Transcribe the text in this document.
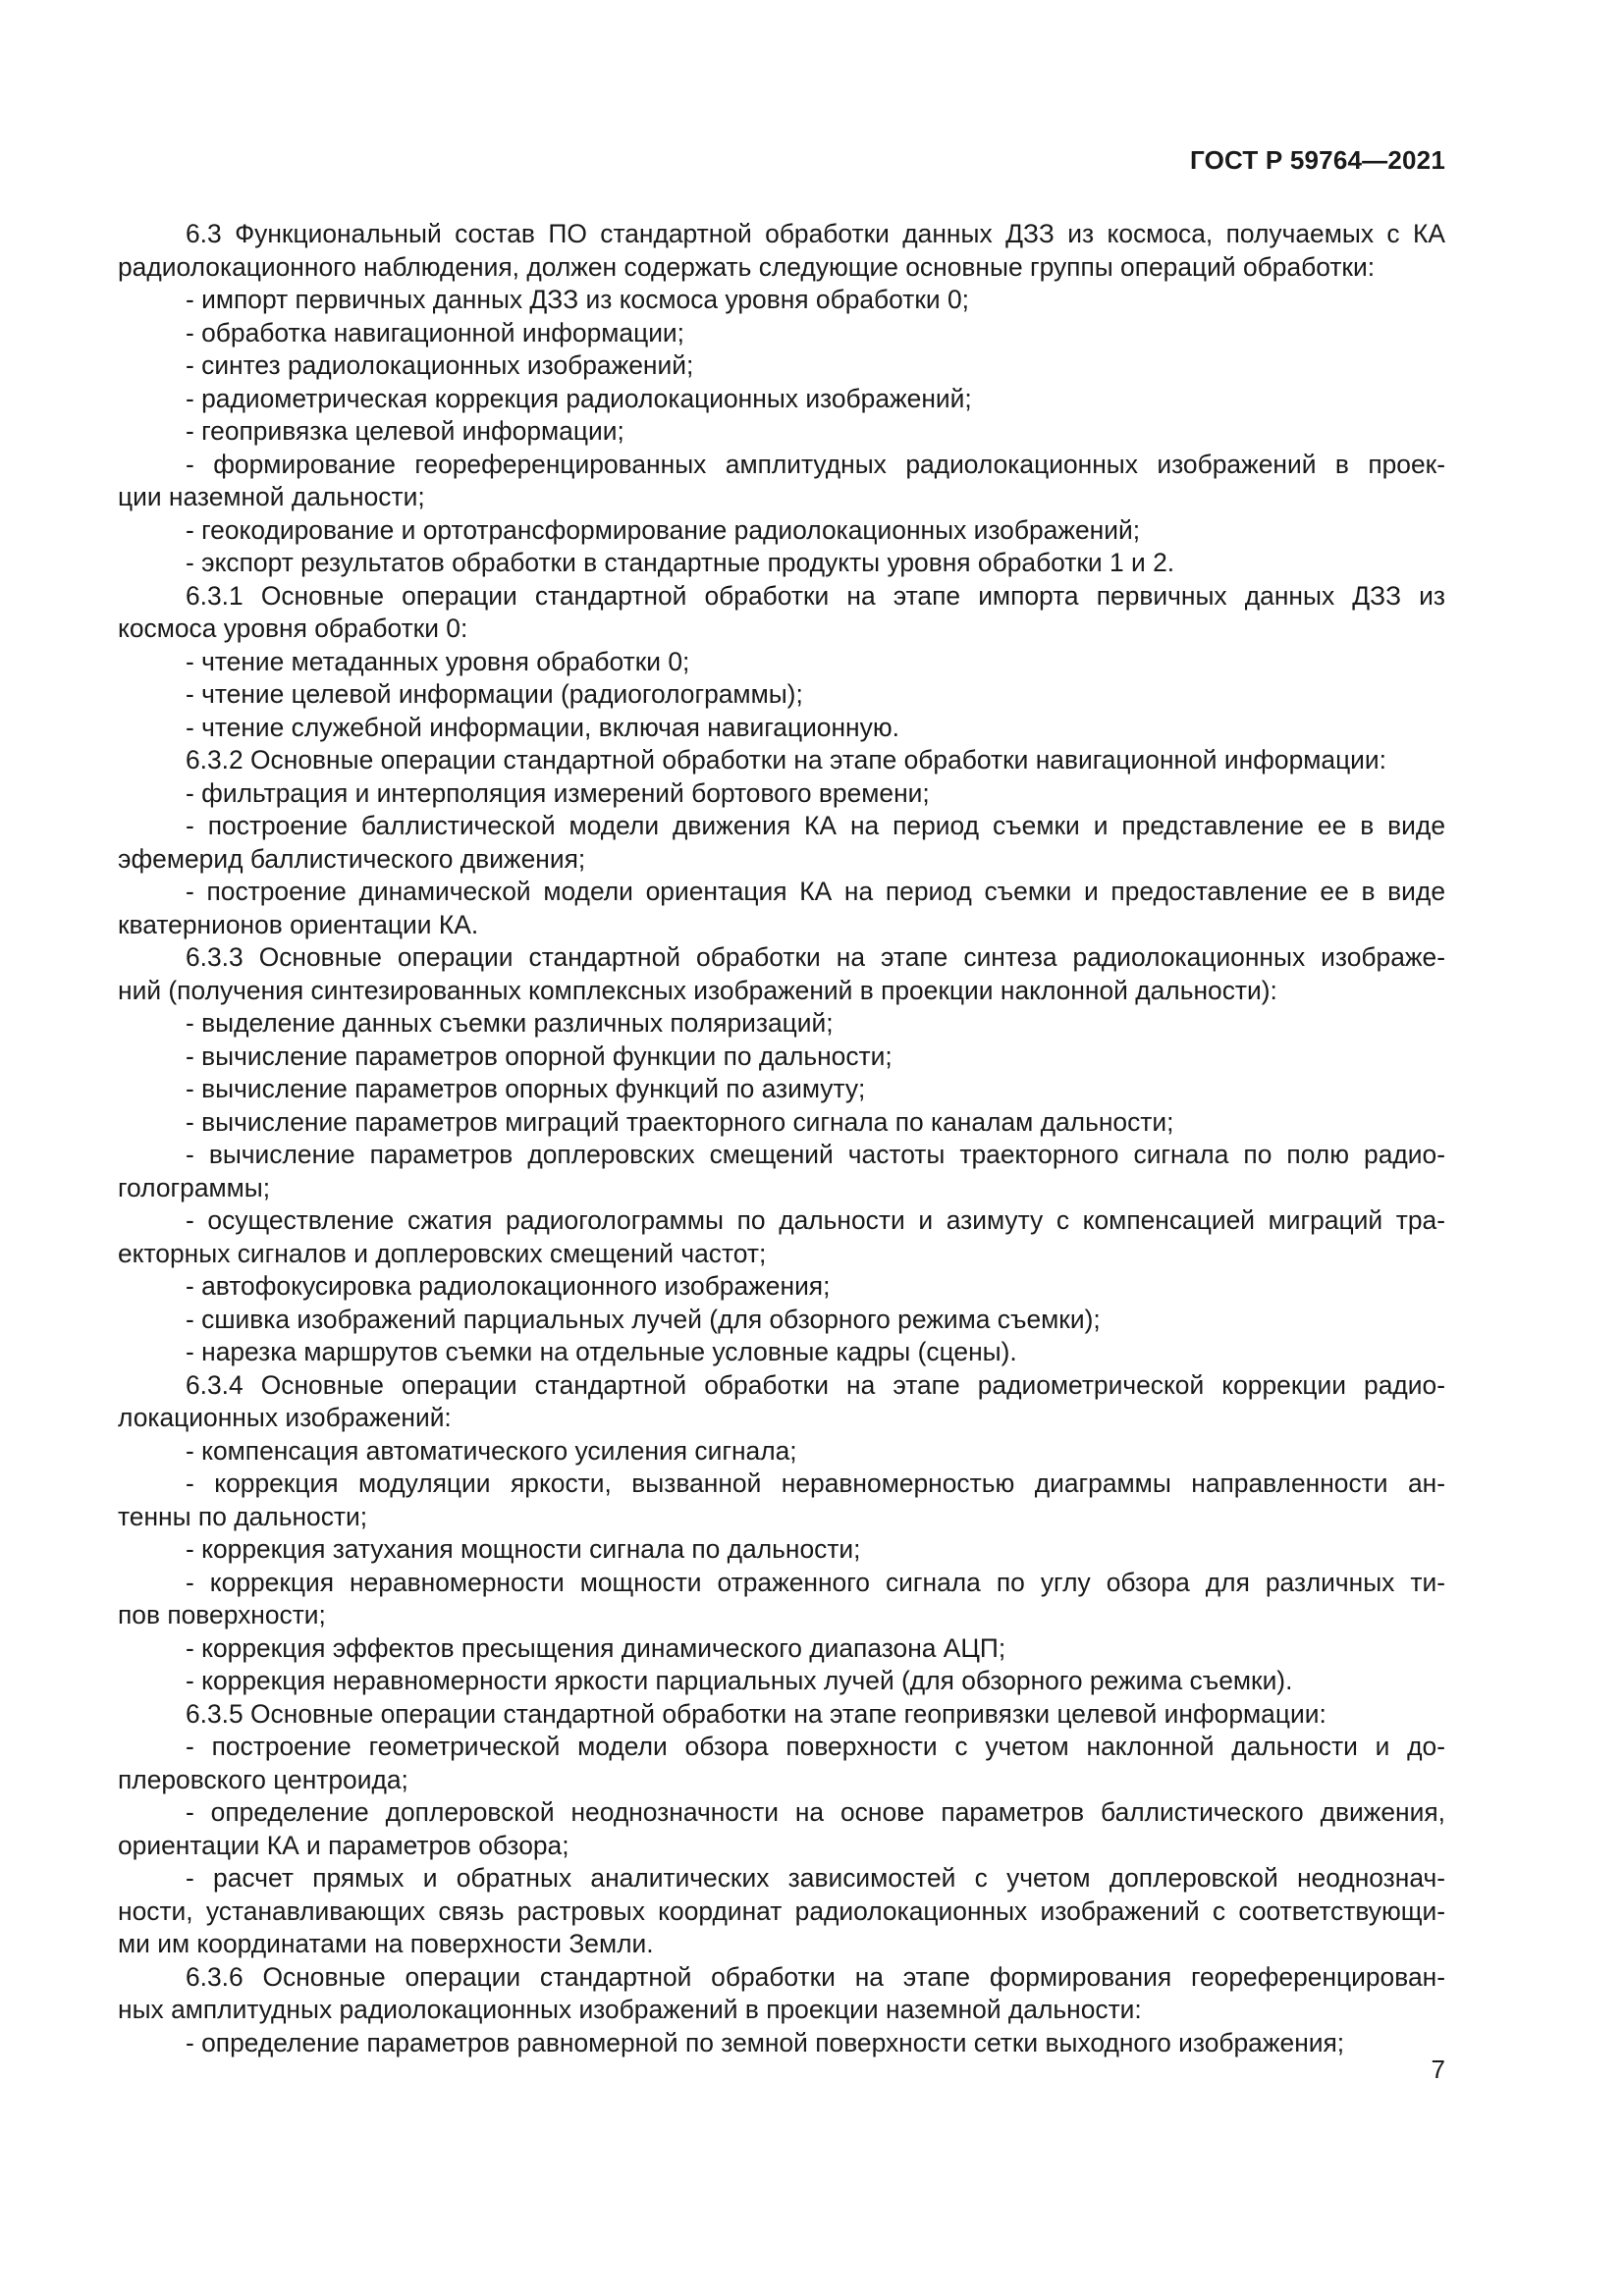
ГОСТ Р 59764—2021
6.3 Функциональный состав ПО стандартной обработки данных ДЗЗ из космоса, получаемых с КА
радиолокационного наблюдения, должен содержать следующие основные группы операций обработки:
- импорт первичных данных ДЗЗ из космоса уровня обработки 0;
- обработка навигационной информации;
- синтез радиолокационных изображений;
- радиометрическая коррекция радиолокационных изображений;
- геопривязка целевой информации;
- формирование геореференцированных амплитудных радиолокационных изображений в проек-
ции наземной дальности;
- геокодирование и ортотрансформирование радиолокационных изображений;
- экспорт результатов обработки в стандартные продукты уровня обработки 1 и 2.
6.3.1 Основные операции стандартной обработки на этапе импорта первичных данных ДЗЗ из
космоса уровня обработки 0:
- чтение метаданных уровня обработки 0;
- чтение целевой информации (радиоголограммы);
- чтение служебной информации, включая навигационную.
6.3.2 Основные операции стандартной обработки на этапе обработки навигационной информации:
- фильтрация и интерполяция измерений бортового времени;
- построение баллистической модели движения КА на период съемки и представление ее в виде
эфемерид баллистического движения;
- построение динамической модели ориентация КА на период съемки и предоставление ее в виде
кватернионов ориентации КА.
6.3.3 Основные операции стандартной обработки на этапе синтеза радиолокационных изображе-
ний (получения синтезированных комплексных изображений в проекции наклонной дальности):
- выделение данных съемки различных поляризаций;
- вычисление параметров опорной функции по дальности;
- вычисление параметров опорных функций по азимуту;
- вычисление параметров миграций траекторного сигнала по каналам дальности;
- вычисление параметров доплеровских смещений частоты траекторного сигнала по полю радио-
голограммы;
- осуществление сжатия радиоголограммы по дальности и азимуту с компенсацией миграций тра-
екторных сигналов и доплеровских смещений частот;
- автофокусировка радиолокационного изображения;
- сшивка изображений парциальных лучей (для обзорного режима съемки);
- нарезка маршрутов съемки на отдельные условные кадры (сцены).
6.3.4 Основные операции стандартной обработки на этапе радиометрической коррекции радио-
локационных изображений:
- компенсация автоматического усиления сигнала;
- коррекция модуляции яркости, вызванной неравномерностью диаграммы направленности ан-
тенны по дальности;
- коррекция затухания мощности сигнала по дальности;
- коррекция неравномерности мощности отраженного сигнала по углу обзора для различных ти-
пов поверхности;
- коррекция эффектов пресыщения динамического диапазона АЦП;
- коррекция неравномерности яркости парциальных лучей (для обзорного режима съемки).
6.3.5 Основные операции стандартной обработки на этапе геопривязки целевой информации:
- построение геометрической модели обзора поверхности с учетом наклонной дальности и до-
плеровского центроида;
- определение доплеровской неоднозначности на основе параметров баллистического движения,
ориентации КА и параметров обзора;
- расчет прямых и обратных аналитических зависимостей с учетом доплеровской неоднознач-
ности, устанавливающих связь растровых координат радиолокационных изображений с соответствующи-
ми им координатами на поверхности Земли.
6.3.6 Основные операции стандартной обработки на этапе формирования геореференцирован-
ных амплитудных радиолокационных изображений в проекции наземной дальности:
- определение параметров равномерной по земной поверхности сетки выходного изображения;
7
